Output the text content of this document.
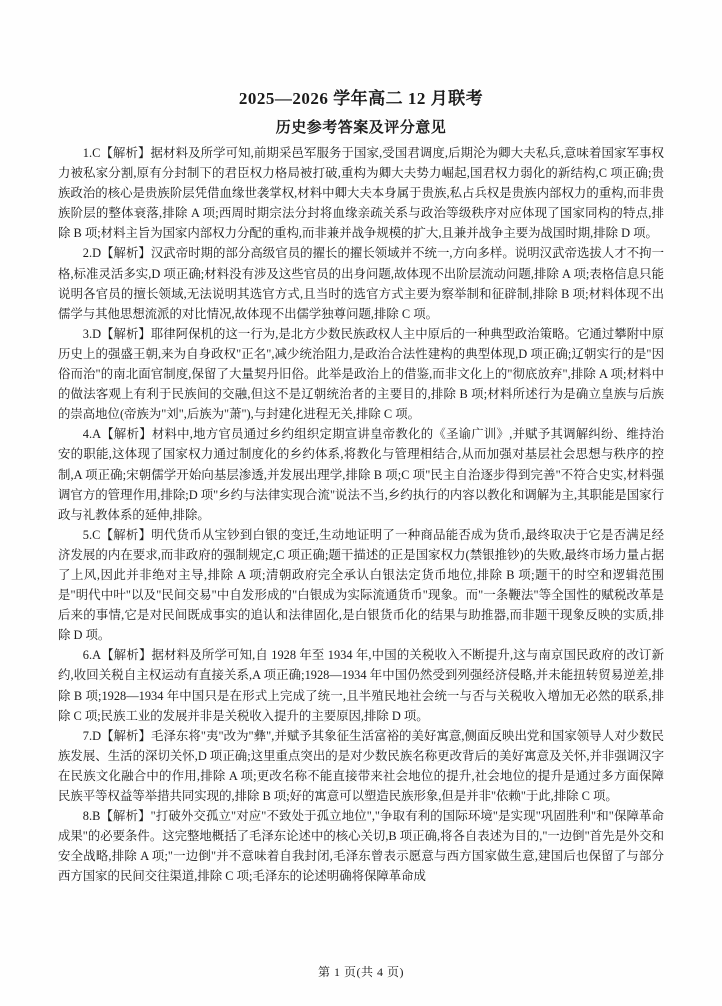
2025—2026 学年高二 12 月联考
历史参考答案及评分意见

1.C【解析】据材料及所学可知,前期采邑军服务于国家,受国君调度,后期沦为卿大夫私兵,意味着国家军事权力被私家分割,原有分封制下的君臣权力格局被打破,重构为卿大夫势力崛起,国君权力弱化的新结构,C 项正确;贵族政治的核心是贵族阶层凭借血缘世袭掌权,材料中卿大夫本身属于贵族,私占兵权是贵族内部权力的重构,而非贵族阶层的整体衰落,排除 A 项;西周时期宗法分封将血缘亲疏关系与政治等级秩序对应体现了国家同构的特点,排除 B 项;材料主旨为国家内部权力分配的重构,而非兼并战争规模的扩大,且兼并战争主要为战国时期,排除 D 项。

2.D【解析】汉武帝时期的部分高级官员的擢长的擢长领域并不统一,方向多样。说明汉武帝选拔人才不拘一格,标准灵活多实,D 项正确;材料没有涉及这些官员的出身问题,故体现不出阶层流动问题,排除 A 项;表格信息只能说明各官员的擅长领域,无法说明其选官方式,且当时的选官方式主要为察举制和征辟制,排除 B 项;材料体现不出儒学与其他思想流派的对比情况,故体现不出儒学独尊问题,排除 C 项。

3.D【解析】耶律阿保机的这一行为,是北方少数民族政权人主中原后的一种典型政治策略。它通过攀附中原历史上的强盛王朝,来为自身政权"正名",减少统治阻力,是政治合法性建构的典型体现,D 项正确;辽朝实行的是"因俗而治"的南北面官制度,保留了大量契丹旧俗。此举是政治上的借鉴,而非文化上的"彻底放弃",排除 A 项;材料中的做法客观上有利于民族间的交融,但这不是辽朝统治者的主要目的,排除 B 项;材料所述行为是确立皇族与后族的崇高地位(帝族为"刘",后族为"萧"),与封建化进程无关,排除 C 项。

4.A【解析】材料中,地方官员通过乡约组织定期宣讲皇帝教化的《圣谕广训》,并赋予其调解纠纷、维持治安的职能,这体现了国家权力通过制度化的乡约体系,将教化与管理相结合,从而加强对基层社会思想与秩序的控制,A 项正确;宋朝儒学开始向基层渗透,并发展出理学,排除 B 项;C 项"民主自治逐步得到完善"不符合史实,材料强调官方的管理作用,排除;D 项"乡约与法律实现合流"说法不当,乡约执行的内容以教化和调解为主,其职能是国家行政与礼教体系的延伸,排除。

5.C【解析】明代货币从宝钞到白银的变迁,生动地证明了一种商品能否成为货币,最终取决于它是否满足经济发展的内在要求,而非政府的强制规定,C 项正确;题干描述的正是国家权力(禁银推钞)的失败,最终市场力量占据了上风,因此并非绝对主导,排除 A 项;清朝政府完全承认白银法定货币地位,排除 B 项;题干的时空和逻辑范围是"明代中叶"以及"民间交易"中自发形成的"白银成为实际流通货币"现象。而"一条鞭法"等全国性的赋税改革是后来的事情,它是对民间既成事实的追认和法律固化,是白银货币化的结果与助推器,而非题干现象反映的实质,排除 D 项。

6.A【解析】据材料及所学可知,自 1928 年至 1934 年,中国的关税收入不断提升,这与南京国民政府的改订新约,收回关税自主权运动有直接关系,A 项正确;1928—1934 年中国仍然受到列强经济侵略,并未能扭转贸易逆差,排除 B 项;1928—1934 年中国只是在形式上完成了统一,且半殖民地社会统一与否与关税收入增加无必然的联系,排除 C 项;民族工业的发展并非是关税收入提升的主要原因,排除 D 项。

7.D【解析】毛泽东将"夷"改为"彝",并赋予其象征生活富裕的美好寓意,侧面反映出党和国家领导人对少数民族发展、生活的深切关怀,D 项正确;这里重点突出的是对少数民族名称更改背后的美好寓意及关怀,并非强调汉字在民族文化融合中的作用,排除 A 项;更改名称不能直接带来社会地位的提升,社会地位的提升是通过多方面保障民族平等权益等举措共同实现的,排除 B 项;好的寓意可以塑造民族形象,但是并非"依赖"于此,排除 C 项。

8.B【解析】"打破外交孤立"对应"不致处于孤立地位","争取有利的国际环境"是实现"巩固胜利"和"保障革命成果"的必要条件。这完整地概括了毛泽东论述中的核心关切,B 项正确,将各自表述为目的,"一边倒"首先是外交和安全战略,排除 A 项;"一边倒"并不意味着自我封闭,毛泽东曾表示愿意与西方国家做生意,建国后也保留了与部分西方国家的民间交往渠道,排除 C 项;毛泽东的论述明确将保障革命成

第 1 页(共 4 页)
